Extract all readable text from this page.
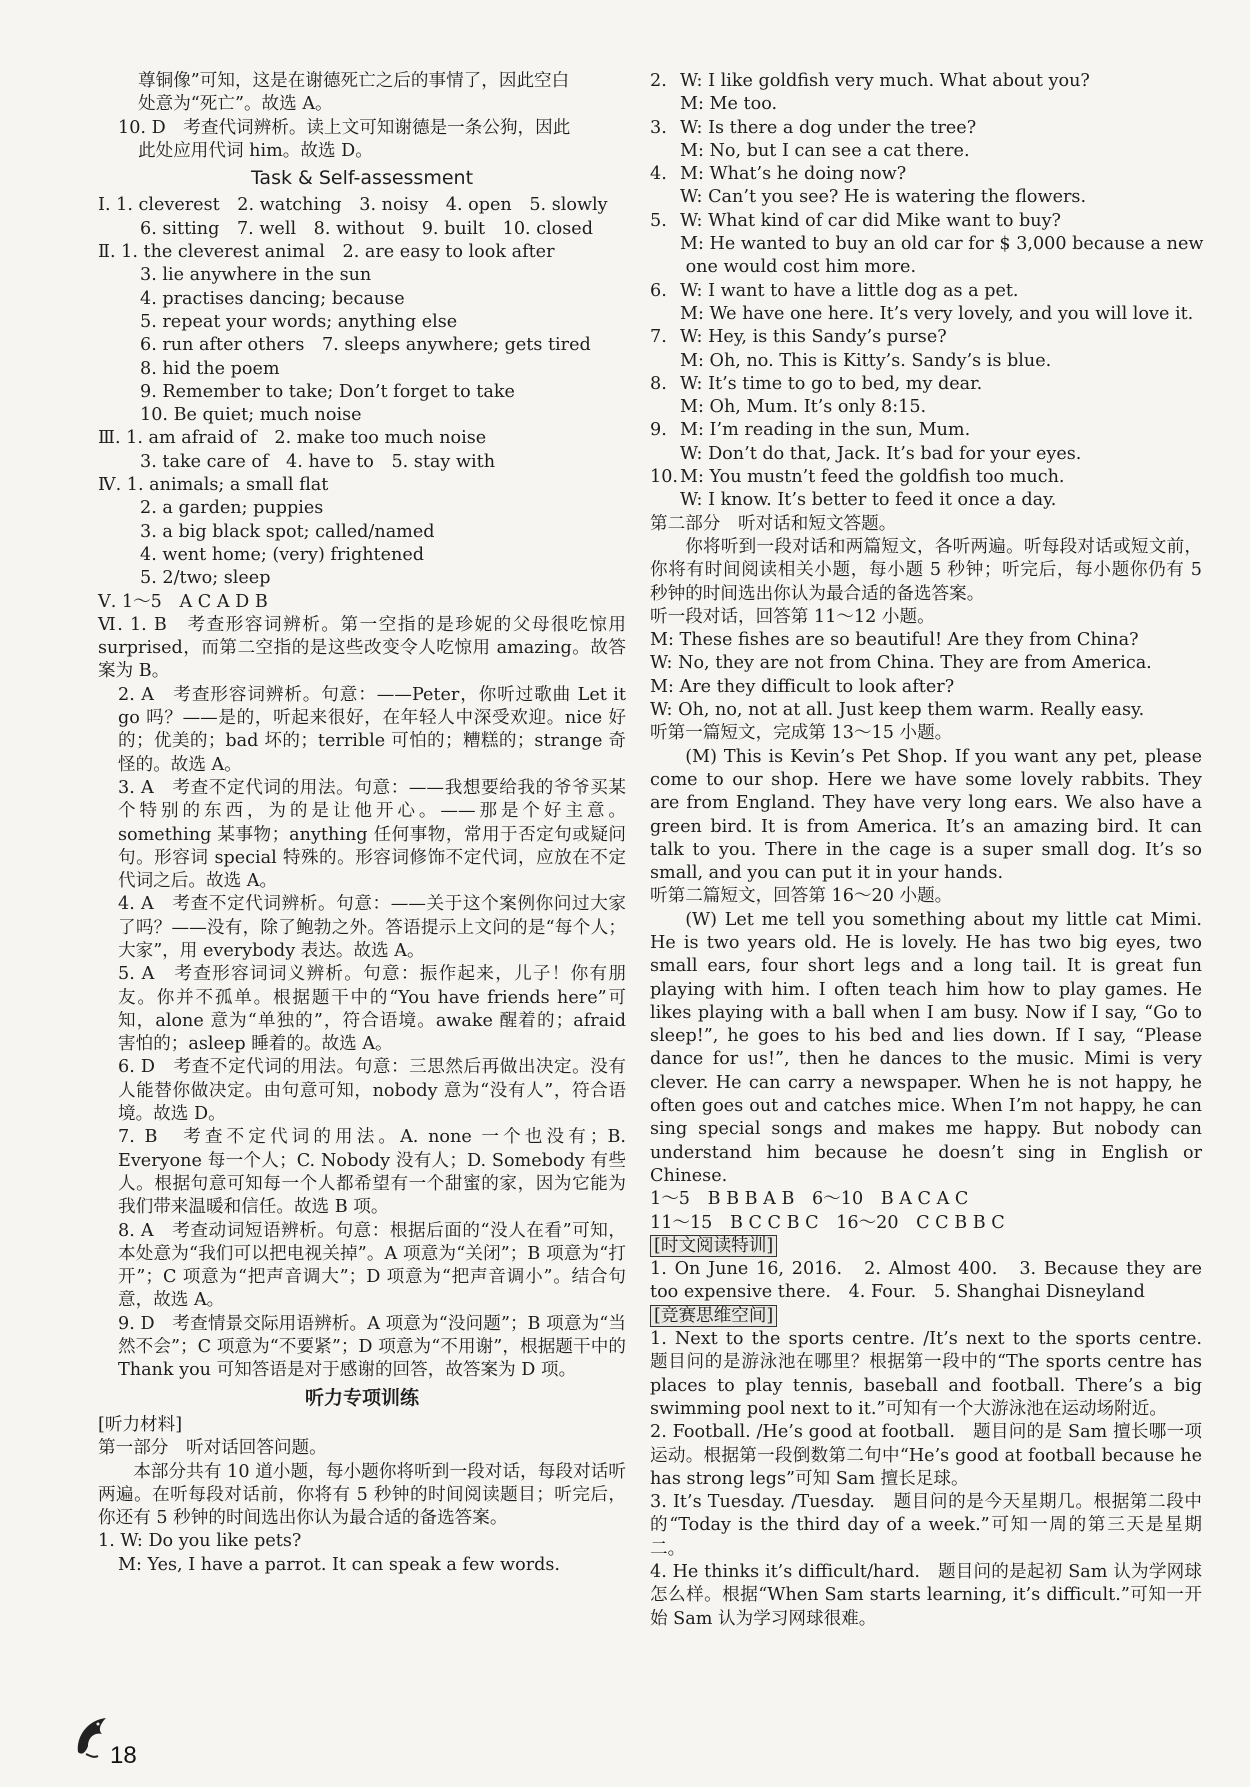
尊铜像”可知，这是在谢德死亡之后的事情了，因此空白
处意为“死亡”。故选 A。
10. D　考查代词辨析。读上文可知谢德是一条公狗，因此
此处应用代词 him。故选 D。
Task & Self-assessment
Ⅰ. 1. cleverest　2. watching　3. noisy　4. open　5. slowly
6. sitting　7. well　8. without　9. built　10. closed
Ⅱ. 1. the cleverest animal　2. are easy to look after
3. lie anywhere in the sun
4. practises dancing; because
5. repeat your words; anything else
6. run after others　7. sleeps anywhere; gets tired
8. hid the poem
9. Remember to take; Don’t forget to take
10. Be quiet; much noise
Ⅲ. 1. am afraid of　2. make too much noise
3. take care of　4. have to　5. stay with
Ⅳ. 1. animals; a small flat
2. a garden; puppies
3. a big black spot; called/named
4. went home; (very) frightened
5. 2/two; sleep
Ⅴ. 1～5　A C A D B
Ⅵ. 1. B　考查形容词辨析。第一空指的是珍妮的父母很吃惊用 surprised，而第二空指的是这些改变令人吃惊用 amazing。故答案为 B。
2. A　考查形容词辨析。句意：——Peter，你听过歌曲 Let it go 吗？——是的，听起来很好，在年轻人中深受欢迎。nice 好的；优美的；bad 坏的；terrible 可怕的；糟糕的；strange 奇怪的。故选 A。
3. A　考查不定代词的用法。句意：——我想要给我的爷爷买某个特别的东西，为的是让他开心。——那是个好主意。something 某事物；anything 任何事物，常用于否定句或疑问句。形容词 special 特殊的。形容词修饰不定代词，应放在不定代词之后。故选 A。
4. A　考查不定代词辨析。句意：——关于这个案例你问过大家了吗？——没有，除了鲍勃之外。答语提示上文问的是“每个人；大家”，用 everybody 表达。故选 A。
5. A　考查形容词词义辨析。句意：振作起来，儿子！你有朋友。你并不孤单。根据题干中的“You have friends here”可知，alone 意为“单独的”，符合语境。awake 醒着的；afraid 害怕的；asleep 睡着的。故选 A。
6. D　考查不定代词的用法。句意：三思然后再做出决定。没有人能替你做决定。由句意可知，nobody 意为“没有人”，符合语境。故选 D。
7. B　考查不定代词的用法。A. none 一个也没有；B. Everyone 每一个人；C. Nobody 没有人；D. Somebody 有些人。根据句意可知每一个人都希望有一个甜蜜的家，因为它能为我们带来温暖和信任。故选 B 项。
8. A　考查动词短语辨析。句意：根据后面的“没人在看”可知，本处意为“我们可以把电视关掉”。A 项意为“关闭”；B 项意为“打开”；C 项意为“把声音调大”；D 项意为“把声音调小”。结合句意，故选 A。
9. D　考查情景交际用语辨析。A 项意为“没问题”；B 项意为“当然不会”；C 项意为“不要紧”；D 项意为“不用谢”，根据题干中的 Thank you 可知答语是对于感谢的回答，故答案为 D 项。
听力专项训练
[听力材料]
第一部分　听对话回答问题。
本部分共有 10 道小题，每小题你将听到一段对话，每段对话听两遍。在听每段对话前，你将有 5 秒钟的时间阅读题目；听完后，你还有 5 秒钟的时间选出你认为最合适的备选答案。
1. W: Do you like pets?
M: Yes, I have a parrot. It can speak a few words.
2. W: I like goldfish very much. What about you?
M: Me too.
3. W: Is there a dog under the tree?
M: No, but I can see a cat there.
4. M: What’s he doing now?
W: Can’t you see? He is watering the flowers.
5. W: What kind of car did Mike want to buy?
M: He wanted to buy an old car for $ 3,000 because a new
one would cost him more.
6. W: I want to have a little dog as a pet.
M: We have one here. It’s very lovely, and you will love it.
7. W: Hey, is this Sandy’s purse?
M: Oh, no. This is Kitty’s. Sandy’s is blue.
8. W: It’s time to go to bed, my dear.
M: Oh, Mum. It’s only 8:15.
9. M: I’m reading in the sun, Mum.
W: Don’t do that, Jack. It’s bad for your eyes.
10. M: You mustn’t feed the goldfish too much.
W: I know. It’s better to feed it once a day.
第二部分　听对话和短文答题。
你将听到一段对话和两篇短文，各听两遍。听每段对话或短文前，你将有时间阅读相关小题，每小题 5 秒钟；听完后，每小题你仍有 5 秒钟的时间选出你认为最合适的备选答案。
听一段对话，回答第 11～12 小题。
M: These fishes are so beautiful! Are they from China?
W: No, they are not from China. They are from America.
M: Are they difficult to look after?
W: Oh, no, not at all. Just keep them warm. Really easy.
听第一篇短文，完成第 13～15 小题。
(M) This is Kevin’s Pet Shop. If you want any pet, please come to our shop. Here we have some lovely rabbits. They are from England. They have very long ears. We also have a green bird. It is from America. It’s an amazing bird. It can talk to you. There in the cage is a super small dog. It’s so small, and you can put it in your hands.
听第二篇短文，回答第 16～20 小题。
(W) Let me tell you something about my little cat Mimi. He is two years old. He is lovely. He has two big eyes, two small ears, four short legs and a long tail. It is great fun playing with him. I often teach him how to play games. He likes playing with a ball when I am busy. Now if I say, “Go to sleep!”, he goes to his bed and lies down. If I say, “Please dance for us!”, then he dances to the music. Mimi is very clever. He can carry a newspaper. When he is not happy, he often goes out and catches mice. When I’m not happy, he can sing special songs and makes me happy. But nobody can understand him because he doesn’t sing in English or Chinese.
1～5　B B B A B　6～10　B A C A C
11～15　B C C B C　16～20　C C B B C
[时文阅读特训]
1. On June 16, 2016.　2. Almost 400.　3. Because they are too expensive there.　4. Four.　5. Shanghai Disneyland
[竞赛思维空间]
1. Next to the sports centre. /It’s next to the sports centre.　题目问的是游泳池在哪里？根据第一段中的“The sports centre has places to play tennis, baseball and football. There’s a big swimming pool next to it.”可知有一个大游泳池在运动场附近。
2. Football. /He’s good at football.　题目问的是 Sam 擅长哪一项运动。根据第一段倒数第二句中“He’s good at football because he has strong legs”可知 Sam 擅长足球。
3. It’s Tuesday. /Tuesday.　题目问的是今天星期几。根据第二段中的“Today is the third day of a week.”可知一周的第三天是星期二。
4. He thinks it’s difficult/hard.　题目问的是起初 Sam 认为学网球怎么样。根据“When Sam starts learning, it’s difficult.”可知一开始 Sam 认为学习网球很难。
18
